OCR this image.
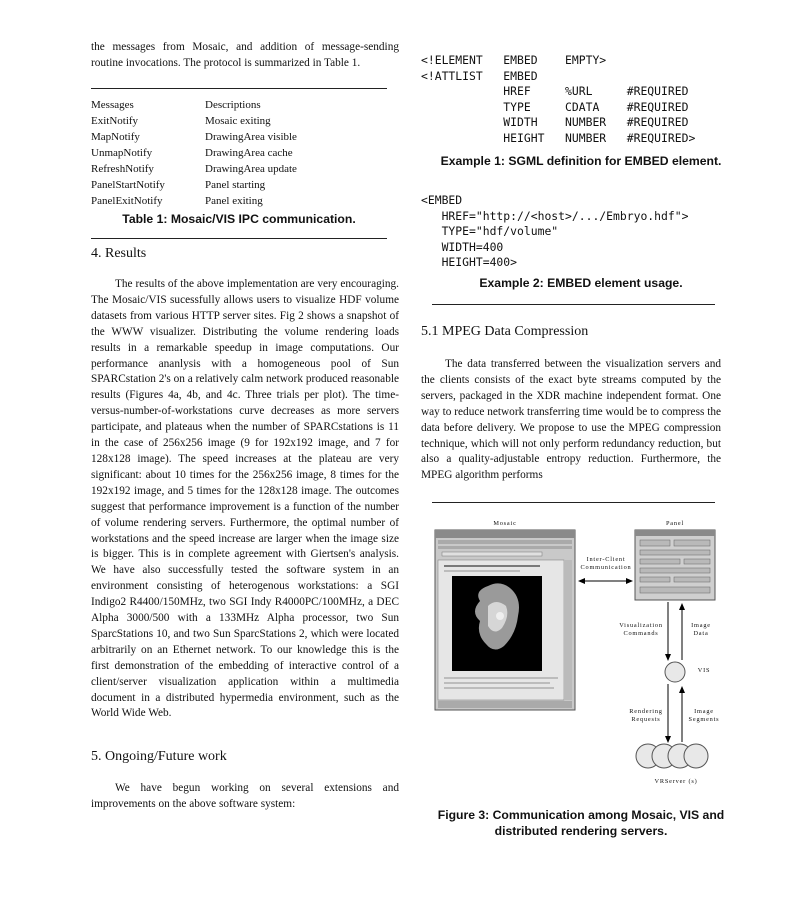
the messages from Mosaic, and addition of message-sending routine invocations. The protocol is summarized in Table 1.

Messages	Descriptions
ExitNotify	Mosaic exiting
MapNotify	DrawingArea visible
UnmapNotify	DrawingArea cache
RefreshNotify	DrawingArea update
PanelStartNotify	Panel starting
PanelExitNotify	Panel exiting
Table 1: Mosaic/VIS IPC communication.
4. Results

The results of the above implementation are very encouraging. The Mosaic/VIS sucessfully allows users to visualize HDF volume datasets from various HTTP server sites. Fig 2 shows a snapshot of the WWW visualizer. Distributing the volume rendering loads results in a remarkable speedup in image computations. Our performance ananlysis with a homogeneous pool of Sun SPARCstation 2's on a relatively calm network produced reasonable results (Figures 4a, 4b, and 4c. Three trials per plot). The time-versus-number-of-workstations curve decreases as more servers participate, and plateaus when the number of SPARCstations is 11 in the case of 256x256 image (9 for 192x192 image, and 7 for 128x128 image). The speed increases at the plateau are very significant: about 10 times for the 256x256 image, 8 times for the 192x192 image, and 5 times for the 128x128 image. The outcomes suggest that performance improvement is a function of the number of volume rendering servers. Furthermore, the optimal number of workstations and the speed increase are larger when the image size is bigger. This is in complete agreement with Giertsen's analysis. We have also successfully tested the software system in an environment consisting of heterogenous workstations: a SGI Indigo2 R4400/150MHz, two SGI Indy R4000PC/100MHz, a DEC Alpha 3000/500 with a 133MHz Alpha processor, two Sun SparcStations 10, and two Sun SparcStations 2, which were located arbitrarily on an Ethernet network. To our knowledge this is the first demonstration of the embedding of interactive control of a client/server visualization application within a multimedia document in a distributed hypermedia environment, such as the World Wide Web.

5. Ongoing/Future work

We have begun working on several extensions and improvements on the above software system:

<!ELEMENT   EMBED    EMPTY>
<!ATTLIST   EMBED
HREF     %URL     #REQUIRED
TYPE     CDATA    #REQUIRED
WIDTH    NUMBER   #REQUIRED
HEIGHT   NUMBER   #REQUIRED>
Example 1: SGML definition for EMBED element.
<EMBED
HREF="http://<host>/.../Embryo.hdf">
TYPE="hdf/volume"
WIDTH=400
HEIGHT=400>
Example 2: EMBED element usage.
5.1 MPEG Data Compression

The data transferred between the visualization servers and the clients consists of the exact byte streams computed by the servers, packaged in the XDR machine independent format. One way to reduce network transferring time would be to compress the data before delivery. We propose to use the MPEG compression technique, which will not only perform redundancy reduction, but also a quality-adjustable entropy reduction. Furthermore, the MPEG algorithm performs

Mosaic	Panel
Inter-Client
Communication
Visualization
Commands
Image
Data
VIS
Rendering
Requests
Image
Segments
VRServer (s)
Figure 3: Communication among Mosaic, VIS and distributed rendering servers.
